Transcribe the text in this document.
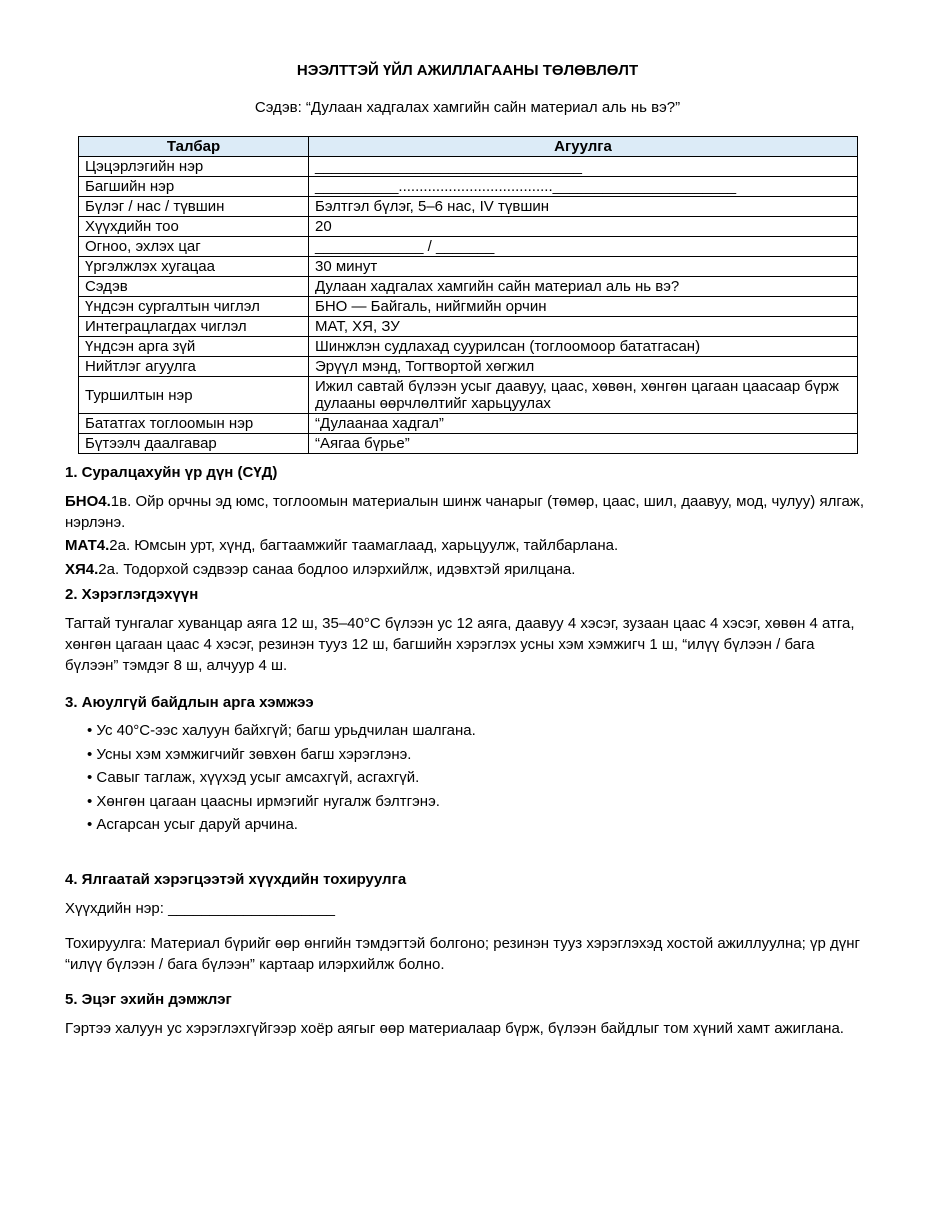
НЭЭЛТТЭЙ ҮЙЛ АЖИЛЛАГААНЫ ТӨЛӨВЛӨЛТ
Сэдэв: “Дулаан хадгалах хамгийн сайн материал аль нь вэ?”
Талбар	Агуулга
Цэцэрлэгийн нэр	________________________________
Багшийн нэр	__________.....................................______________________
Бүлэг / нас / түвшин	Бэлтгэл бүлэг, 5–6 нас, IV түвшин
Хүүхдийн тоо	20
Огноо, эхлэх цаг	_____________ / _______
Үргэлжлэх хугацаа	30 минут
Сэдэв	Дулаан хадгалах хамгийн сайн материал аль нь вэ?
Үндсэн сургалтын чиглэл	БНО — Байгаль, нийгмийн орчин
Интеграцлагдах чиглэл	МАТ, ХЯ, ЗУ
Үндсэн арга зүй	Шинжлэн судлахад суурилсан (тоглоомоор бататгасан)
Нийтлэг агуулга	Эрүүл мэнд, Тогтвортой хөгжил
Туршилтын нэр	Ижил савтай бүлээн усыг даавуу, цаас, хөвөн, хөнгөн цагаан цаасаар бүрж дулааны өөрчлөлтийг харьцуулах
Бататгах тоглоомын нэр	“Дулаанаа хадгал”
Бүтээлч даалгавар	“Аягаа бүрье”

1. Суралцахуйн үр дүн (СҮД)

БНО4.1в. Ойр орчны эд юмс, тоглоомын материалын шинж чанарыг (төмөр, цаас, шил, даавуу, мод, чулуу) ялгаж, нэрлэнэ.

МАТ4.2а. Юмсын урт, хүнд, багтаамжийг таамаглаад, харьцуулж, тайлбарлана.

ХЯ4.2а. Тодорхой сэдвээр санаа бодлоо илэрхийлж, идэвхтэй ярилцана.

2. Хэрэглэгдэхүүн

Тагтай тунгалаг хуванцар аяга 12 ш, 35–40°C бүлээн ус 12 аяга, даавуу 4 хэсэг, зузаан цаас 4 хэсэг, хөвөн 4 атга, хөнгөн цагаан цаас 4 хэсэг, резинэн тууз 12 ш, багшийн хэрэглэх усны хэм хэмжигч 1 ш, “илүү бүлээн / бага бүлээн” тэмдэг 8 ш, алчуур 4 ш.

3. Аюулгүй байдлын арга хэмжээ

• Ус 40°C-ээс халуун байхгүй; багш урьдчилан шалгана.
• Усны хэм хэмжигчийг зөвхөн багш хэрэглэнэ.
• Савыг таглаж, хүүхэд усыг амсахгүй, асгахгүй.
• Хөнгөн цагаан цаасны ирмэгийг нугалж бэлтгэнэ.
• Асгарсан усыг даруй арчина.

4. Ялгаатай хэрэгцээтэй хүүхдийн тохируулга

Хүүхдийн нэр: ____________________

Тохируулга: Материал бүрийг өөр өнгийн тэмдэгтэй болгоно; резинэн тууз хэрэглэхэд хостой ажиллуулна; үр дүнг “илүү бүлээн / бага бүлээн” картаар илэрхийлж болно.

5. Эцэг эхийн дэмжлэг

Гэртээ халуун ус хэрэглэхгүйгээр хоёр аягыг өөр материалаар бүрж, бүлээн байдлыг том хүний хамт ажиглана.
